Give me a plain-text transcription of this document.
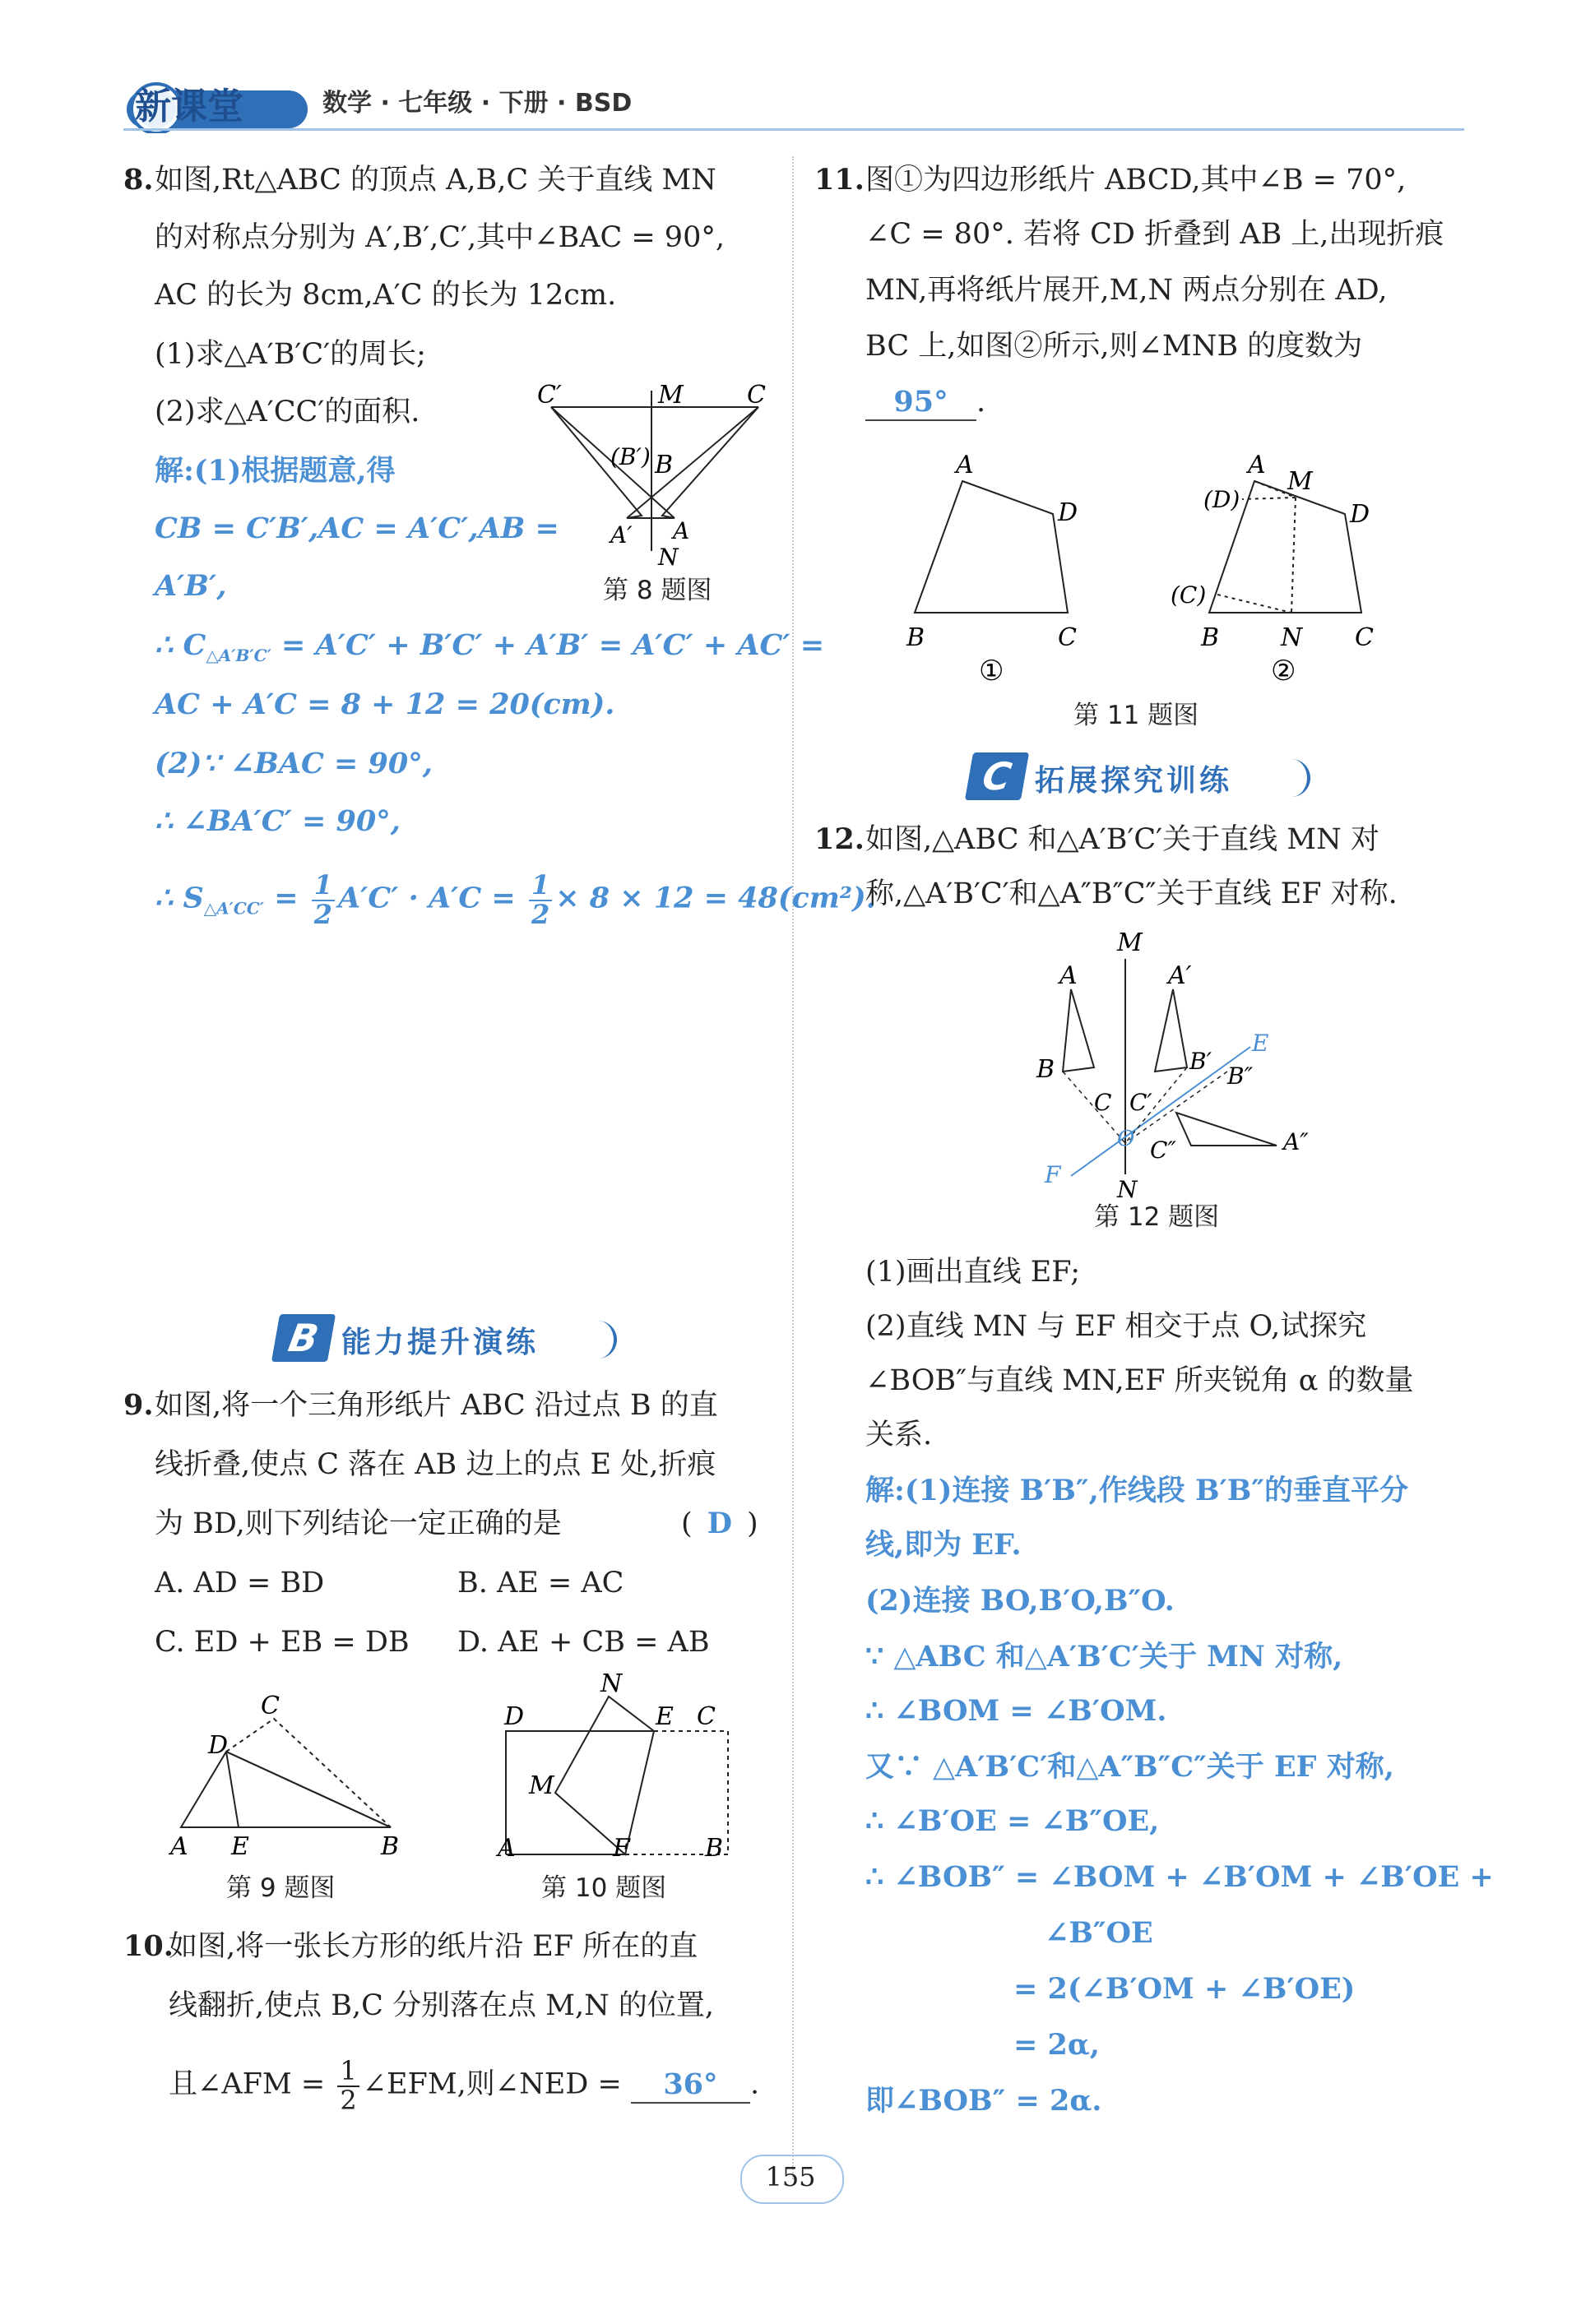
新课堂	数学 · 七年级 · 下册 · BSD
8. 如图,Rt△ABC 的顶点 A,B,C 关于直线 MN
的对称点分别为 A′,B′,C′,其中∠BAC = 90°,
AC 的长为 8cm,A′C 的长为 12cm.
(1)求△A′B′C′的周长;
(2)求△A′CC′的面积.
C′	M	C
(B′) B
A′ A
N
第 8 题图
解:(1)根据题意,得
CB = C′B′,AC = A′C′,AB =
A′B′,
∴ $C_{\triangle A'B'C'} = A'C' + B'C' + A'B' = A'C' + AC'$ =
AC + A′C = 8 + 12 = 20(cm).
(2)∵ ∠BAC = 90°,
∴ ∠BA′C′ = 90°,
∴ $S_{\triangle A'CC'} = \frac{1}{2} A'C' \cdot A'C = \frac{1}{2} \times 8 \times 12 = 48(cm^2)$.
B 能力提升演练
9. 如图,将一个三角形纸片 ABC 沿过点 B 的直
线折叠,使点 C 落在 AB 边上的点 E 处,折痕
为 BD,则下列结论一定正确的是	( D )
A. AD = BD	B. AE = AC
C. ED + EB = DB D. AE + CB = AB
C
D
A E	B
第 9 题图
N
D	E C
M
A	F	B
第 10 题图
10.
如图,将一张长方形的纸片沿 EF 所在的直
线翻折,使点 B,C 分别落在点 M,N 的位置,
且∠AFM = $\frac{1}{2}$ ∠EFM,则∠NED = 36° .
11. 图①为四边形纸片 ABCD,其中∠B = 70°,
∠C = 80°. 若将 CD 折叠到 AB 上,出现折痕
MN,再将纸片展开,M,N 两点分别在 AD,
BC 上,如图②所示,则∠MNB 的度数为
95° .
A
D
B	C
①
A
M
(D)
D
(C)
B N C
②
第 11 题图
C 拓展探究训练
12. 如图,△ABC 和△A′B′C′关于直线 MN 对
称,△A′B′C′和△A″B″C″关于直线 EF 对称.
M
A	A′
B	B′
E
B″
C C′
A″
O C″
F
N
第 12 题图
(1)画出直线 EF;
(2)直线 MN 与 EF 相交于点 O,试探究
∠BOB″与直线 MN,EF 所夹锐角 α 的数量
关系.
解:(1)连接 B′B″,作线段 B′B″的垂直平分
线,即为 EF.
(2)连接 BO,B′O,B″O.
∵ △ABC 和△A′B′C′关于 MN 对称,
∴ ∠BOM = ∠B′OM.
又∵ △A′B′C′和△A″B″C″关于 EF 对称,
∴ ∠B′OE = ∠B″OE,
∴ ∠BOB″ = ∠BOM + ∠B′OM + ∠B′OE +
∠B″OE
= 2(∠B′OM + ∠B′OE)
= 2α,
即∠BOB″ = 2α.
155
